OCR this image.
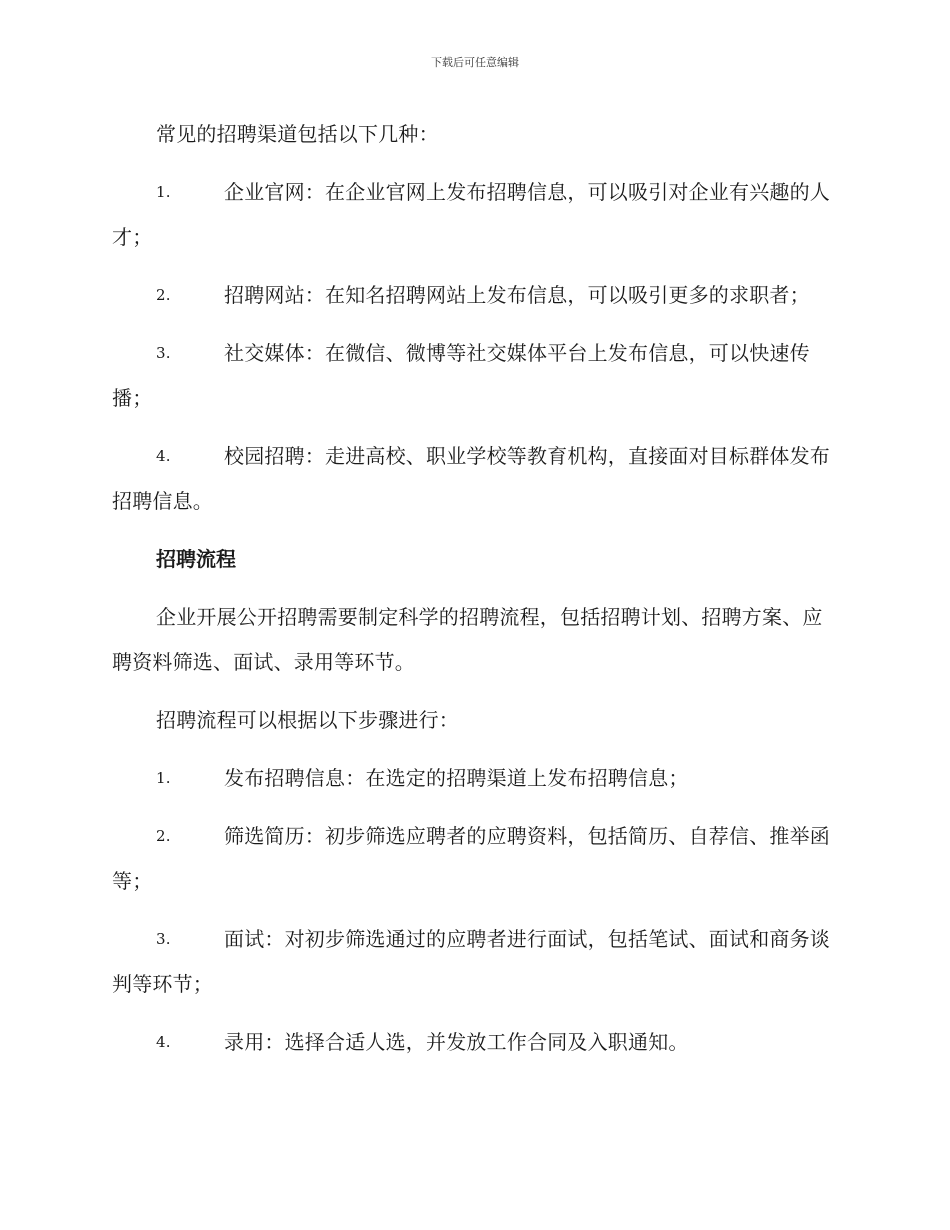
下载后可任意编辑

常见的招聘渠道包括以下几种：

1.	企业官网：在企业官网上发布招聘信息，可以吸引对企业有兴趣的人才；
2.	招聘网站：在知名招聘网站上发布信息，可以吸引更多的求职者；
3.	社交媒体：在微信、微博等社交媒体平台上发布信息，可以快速传播；
4.	校园招聘：走进高校、职业学校等教育机构，直接面对目标群体发布招聘信息。
招聘流程

企业开展公开招聘需要制定科学的招聘流程，包括招聘计划、招聘方案、应聘资料筛选、面试、录用等环节。

招聘流程可以根据以下步骤进行：

1.	发布招聘信息：在选定的招聘渠道上发布招聘信息；
2.	筛选简历：初步筛选应聘者的应聘资料，包括简历、自荐信、推举函等；
3.	面试：对初步筛选通过的应聘者进行面试，包括笔试、面试和商务谈判等环节；
4.	录用：选择合适人选，并发放工作合同及入职通知。
